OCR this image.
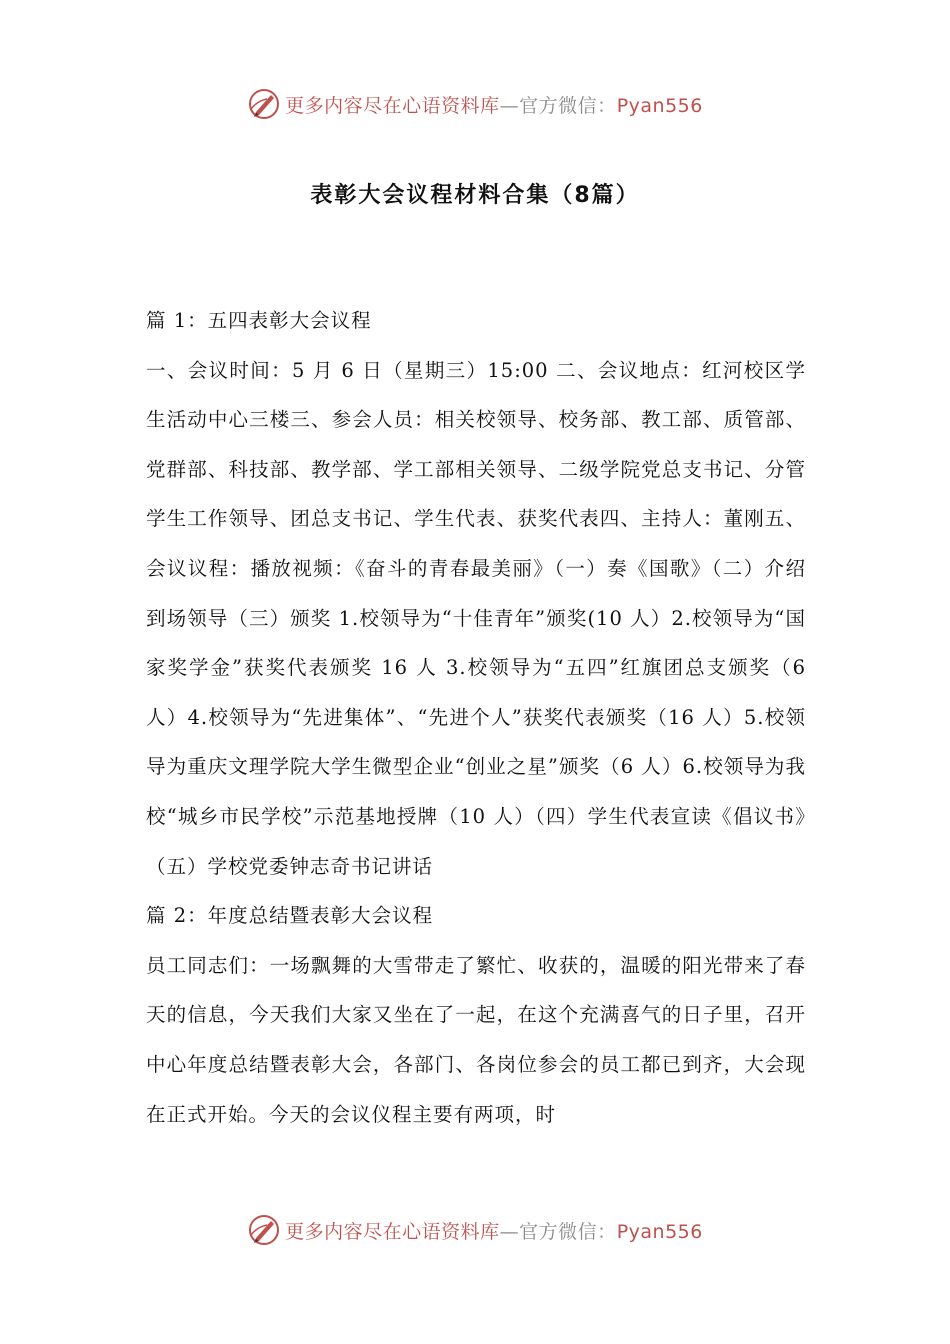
更多内容尽在心语资料库—官方微信：Pyan556
表彰大会议程材料合集（8篇）

篇 1：五四表彰大会议程

一、会议时间：5 月 6 日（星期三）15:00 二、会议地点：红河校区学生活动中心三楼三、参会人员：相关校领导、校务部、教工部、质管部、党群部、科技部、教学部、学工部相关领导、二级学院党总支书记、分管学生工作领导、团总支书记、学生代表、获奖代表四、主持人：董刚五、会议议程：播放视频：《奋斗的青春最美丽》（一）奏《国歌》（二）介绍到场领导（三）颁奖 1.校领导为“十佳青年”颁奖(10 人）2.校领导为“国家奖学金”获奖代表颁奖 16 人 3.校领导为“五四”红旗团总支颁奖（6 人）4.校领导为“先进集体”、“先进个人”获奖代表颁奖（16 人）5.校领导为重庆文理学院大学生微型企业“创业之星”颁奖（6 人）6.校领导为我校“城乡市民学校”示范基地授牌（10 人）（四）学生代表宣读《倡议书》（五）学校党委钟志奇书记讲话

篇 2：年度总结暨表彰大会议程

员工同志们：一场飘舞的大雪带走了繁忙、收获的，温暖的阳光带来了春天的信息，今天我们大家又坐在了一起，在这个充满喜气的日子里，召开中心年度总结暨表彰大会，各部门、各岗位参会的员工都已到齐，大会现在正式开始。今天的会议仪程主要有两项，时

更多内容尽在心语资料库—官方微信：Pyan556
